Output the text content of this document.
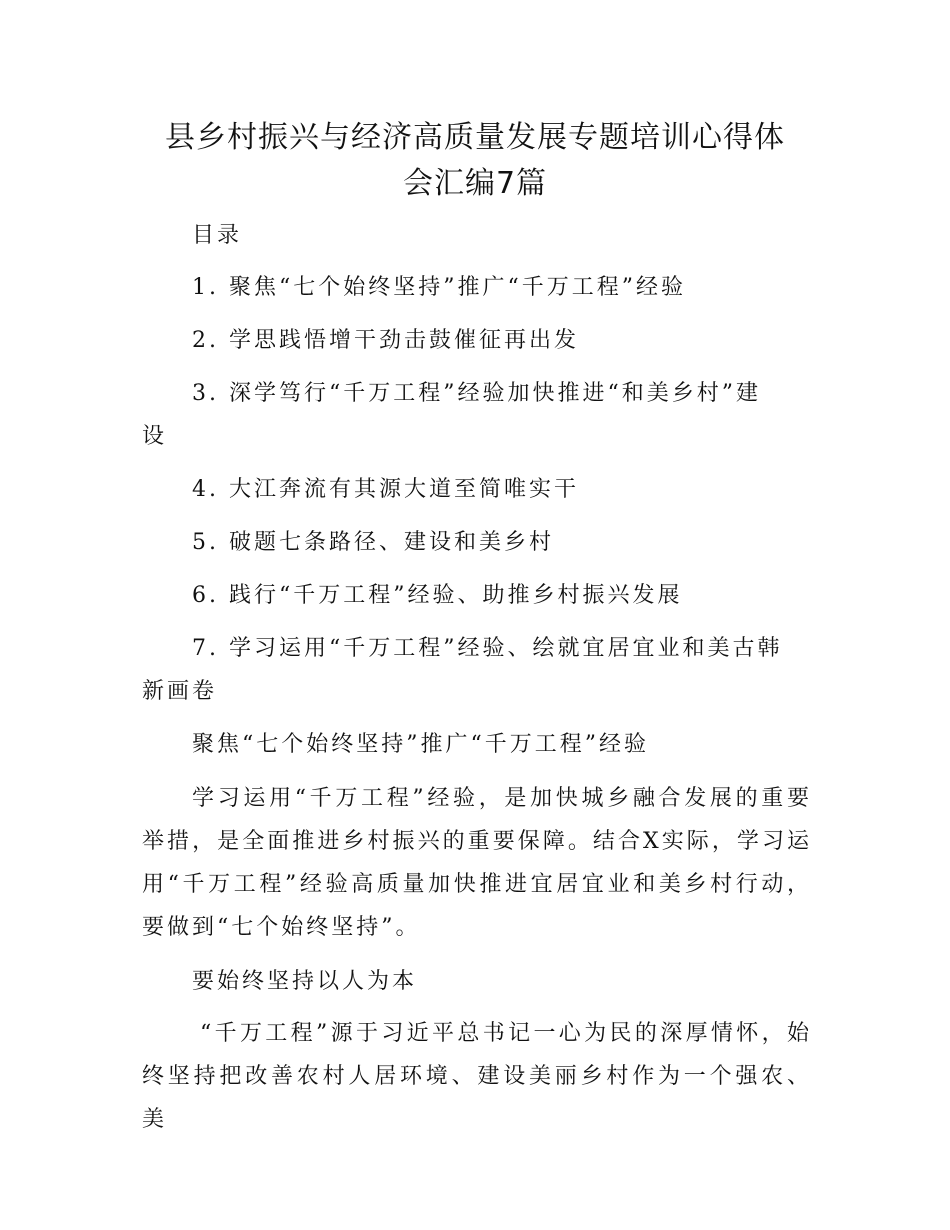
县乡村振兴与经济高质量发展专题培训心得体
会汇编7篇
目录
1. 聚焦“七个始终坚持”推广“千万工程”经验
2. 学思践悟增干劲击鼓催征再出发
3. 深学笃行“千万工程”经验加快推进“和美乡村”建
设
4. 大江奔流有其源大道至简唯实干
5. 破题七条路径、建设和美乡村
6. 践行“千万工程”经验、助推乡村振兴发展
7. 学习运用“千万工程”经验、绘就宜居宜业和美古韩
新画卷
聚焦“七个始终坚持”推广“千万工程”经验
学习运用“千万工程”经验，是加快城乡融合发展的重要举措，是全面推进乡村振兴的重要保障。结合X实际，学习运用“千万工程”经验高质量加快推进宜居宜业和美乡村行动，要做到“七个始终坚持”。
要始终坚持以人为本
“千万工程”源于习近平总书记一心为民的深厚情怀，始终坚持把改善农村人居环境、建设美丽乡村作为一个强农、美
